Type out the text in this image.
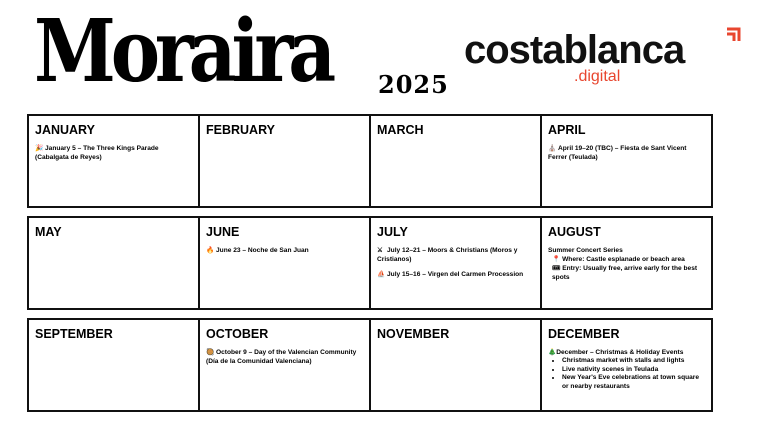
Moraira 2025
costablanca
.digital
JANUARY
🎉 January 5 – The Three Kings Parade (Cabalgata de Reyes)
FEBRUARY	MARCH	APRIL
⛪ April 19–20 (TBC) – Fiesta de Sant Vicent Ferrer (Teulada)
MAY	JUNE
🔥 June 23 – Noche de San Juan
JULY
⚔ July 12–21 – Moors & Christians (Moros y Cristianos)
⛵ July 15–16 – Virgen del Carmen Procession
AUGUST
Summer Concert Series
📍 Where: Castle esplanade or beach area
🎟 Entry: Usually free, arrive early for the best spots
SEPTEMBER	OCTOBER
🥘 October 9 – Day of the Valencian Community (Día de la Comunidad Valenciana)
NOVEMBER	DECEMBER
🎄December – Christmas & Holiday Events
• Christmas market with stalls and lights
• Live nativity scenes in Teulada
• New Year's Eve celebrations at town square or nearby restaurants
